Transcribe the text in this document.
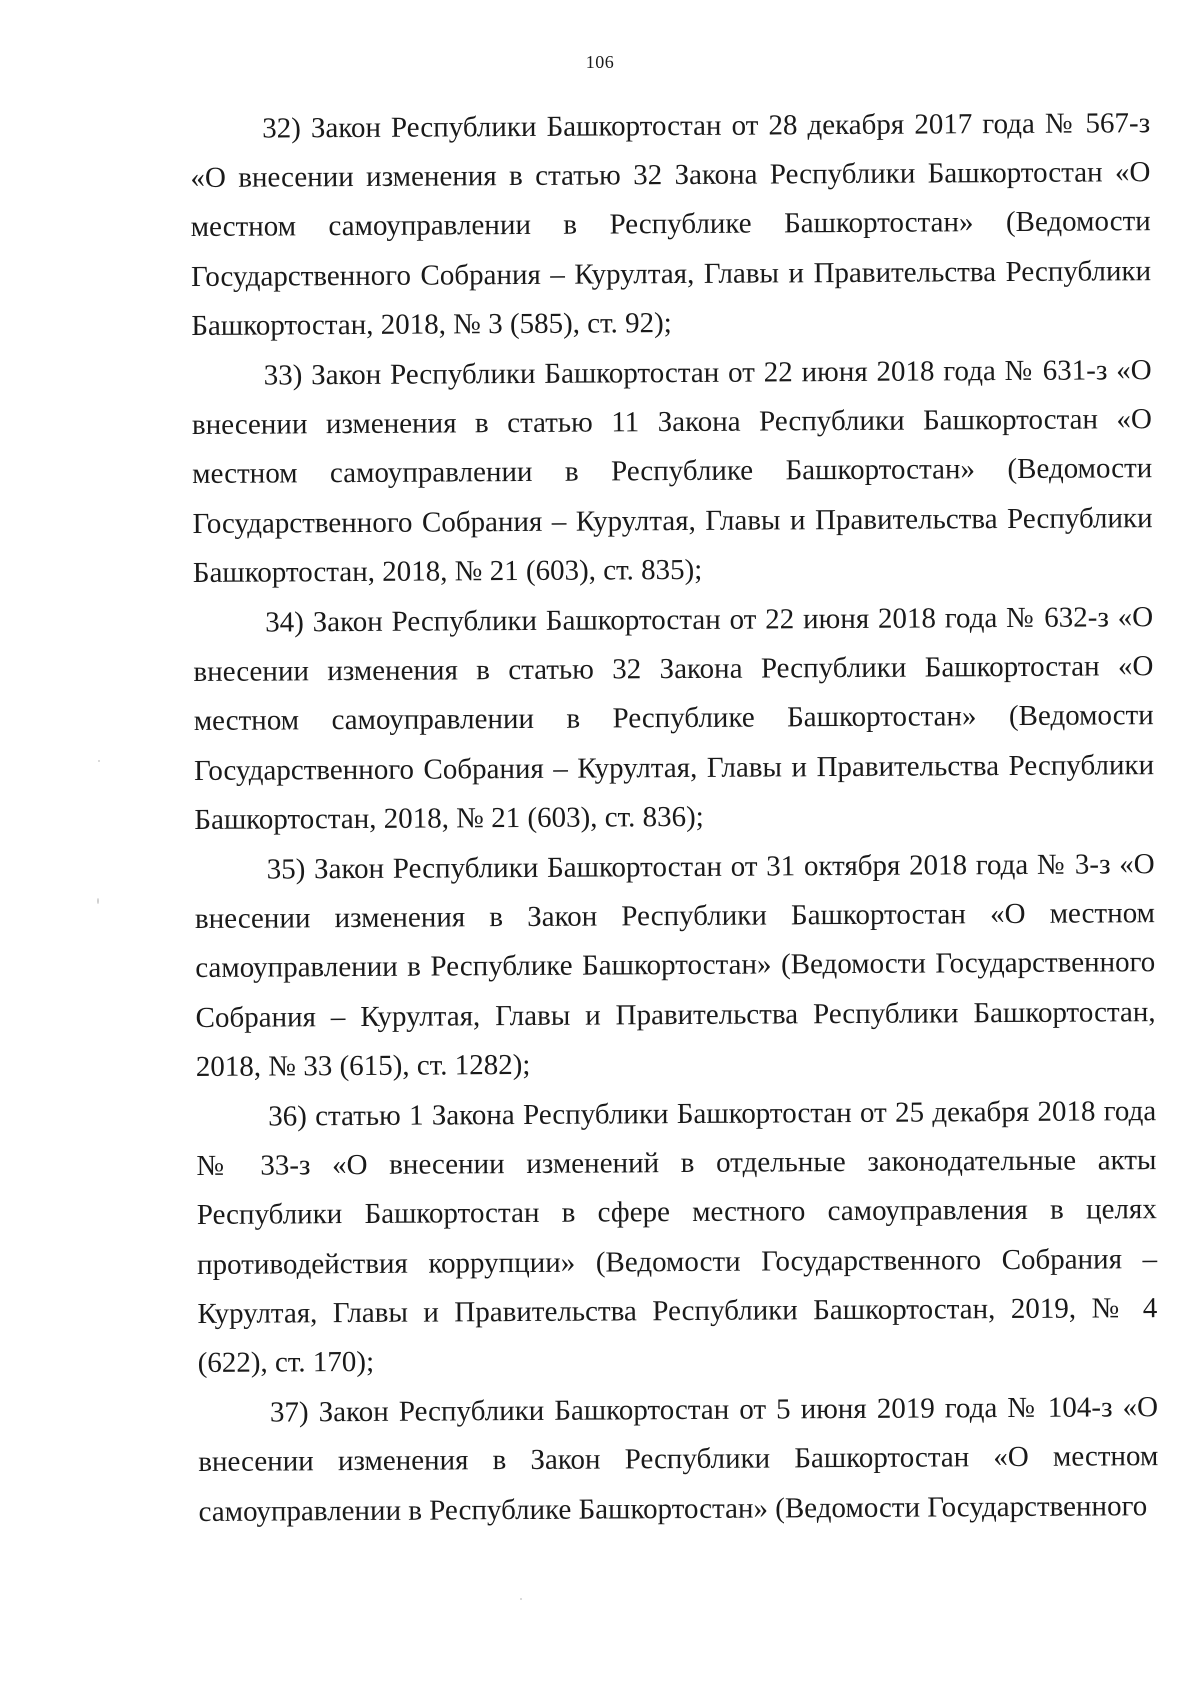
106

32) Закон Республики Башкортостан от 28 декабря 2017 года № 567-з «О внесении изменения в статью 32 Закона Республики Башкортостан «О местном самоуправлении в Республике Башкортостан» (Ведомости Государственного Собрания – Курултая, Главы и Правительства Республики Башкортостан, 2018, № 3 (585), ст. 92);

33) Закон Республики Башкортостан от 22 июня 2018 года № 631-з «О внесении изменения в статью 11 Закона Республики Башкортостан «О местном самоуправлении в Республике Башкортостан» (Ведомости Государственного Собрания – Курултая, Главы и Правительства Республики Башкортостан, 2018, № 21 (603), ст. 835);

34) Закон Республики Башкортостан от 22 июня 2018 года № 632-з «О внесении изменения в статью 32 Закона Республики Башкортостан «О местном самоуправлении в Республике Башкортостан» (Ведомости Государственного Собрания – Курултая, Главы и Правительства Республики Башкортостан, 2018, № 21 (603), ст. 836);

35) Закон Республики Башкортостан от 31 октября 2018 года № 3-з «О внесении изменения в Закон Республики Башкортостан «О местном самоуправлении в Республике Башкортостан» (Ведомости Государственного Собрания – Курултая, Главы и Правительства Республики Башкортостан, 2018, № 33 (615), ст. 1282);

36) статью 1 Закона Республики Башкортостан от 25 декабря 2018 года № 33-з «О внесении изменений в отдельные законодательные акты Республики Башкортостан в сфере местного самоуправления в целях противодействия коррупции» (Ведомости Государственного Собрания – Курултая, Главы и Правительства Республики Башкортостан, 2019, № 4 (622), ст. 170);

37) Закон Республики Башкортостан от 5 июня 2019 года № 104-з «О внесении изменения в Закон Республики Башкортостан «О местном самоуправлении в Республике Башкортостан» (Ведомости Государственного
